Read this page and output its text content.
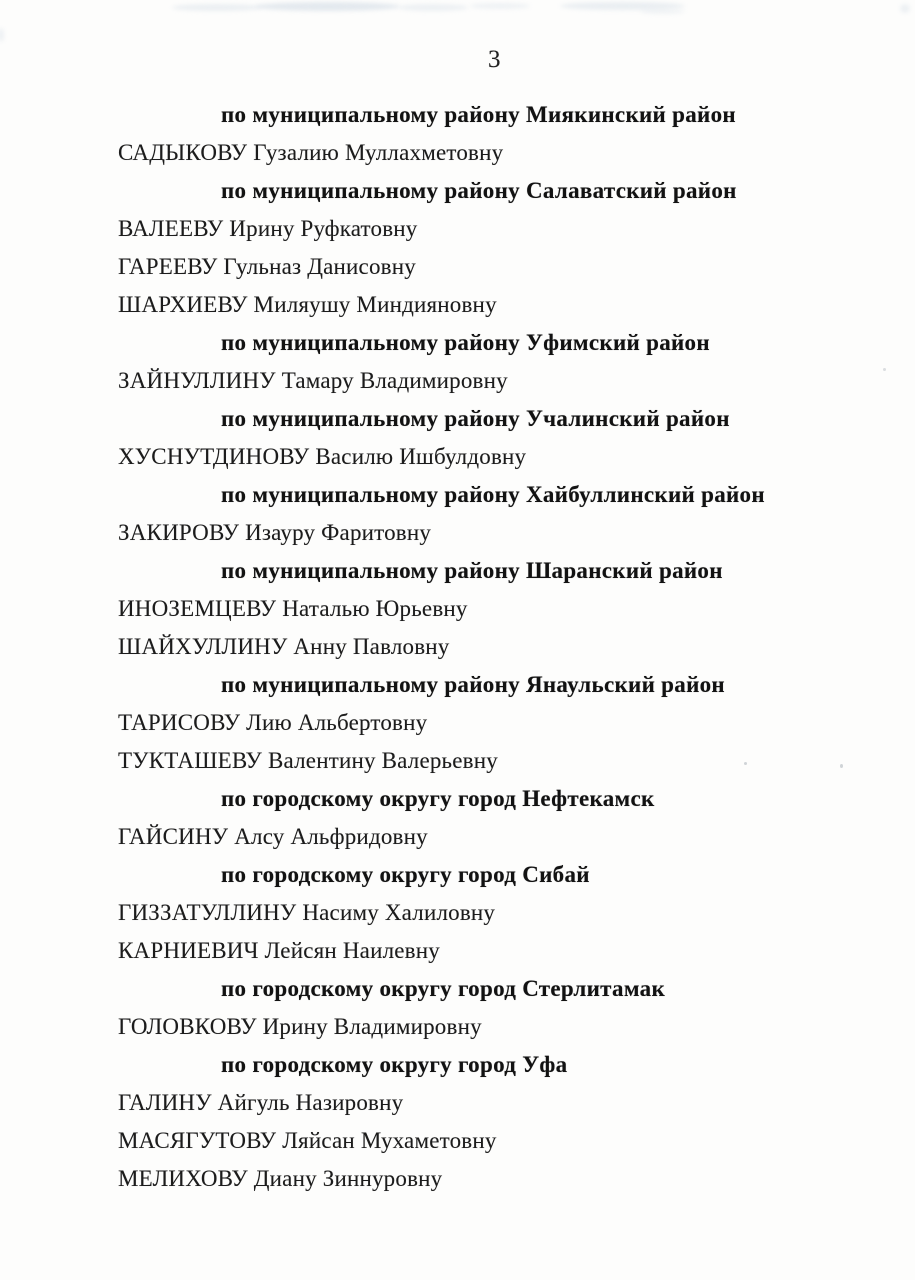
3
по муниципальному району Миякинский район
САДЫКОВУ Гузалию Муллахметовну
по муниципальному району Салаватский район
ВАЛЕЕВУ Ирину Руфкатовну
ГАРЕЕВУ Гульназ Данисовну
ШАРХИЕВУ Миляушу Миндияновну
по муниципальному району Уфимский район
ЗАЙНУЛЛИНУ Тамару Владимировну
по муниципальному району Учалинский район
ХУСНУТДИНОВУ Василю Ишбулдовну
по муниципальному району Хайбуллинский район
ЗАКИРОВУ Изауру Фаритовну
по муниципальному району Шаранский район
ИНОЗЕМЦЕВУ Наталью Юрьевну
ШАЙХУЛЛИНУ Анну Павловну
по муниципальному району Янаульский район
ТАРИСОВУ Лию Альбертовну
ТУКТАШЕВУ Валентину Валерьевну
по городскому округу город Нефтекамск
ГАЙСИНУ Алсу Альфридовну
по городскому округу город Сибай
ГИЗЗАТУЛЛИНУ Насиму Халиловну
КАРНИЕВИЧ Лейсян Наилевну
по городскому округу город Стерлитамак
ГОЛОВКОВУ Ирину Владимировну
по городскому округу город Уфа
ГАЛИНУ Айгуль Назировну
МАСЯГУТОВУ Ляйсан Мухаметовну
МЕЛИХОВУ Диану Зиннуровну
